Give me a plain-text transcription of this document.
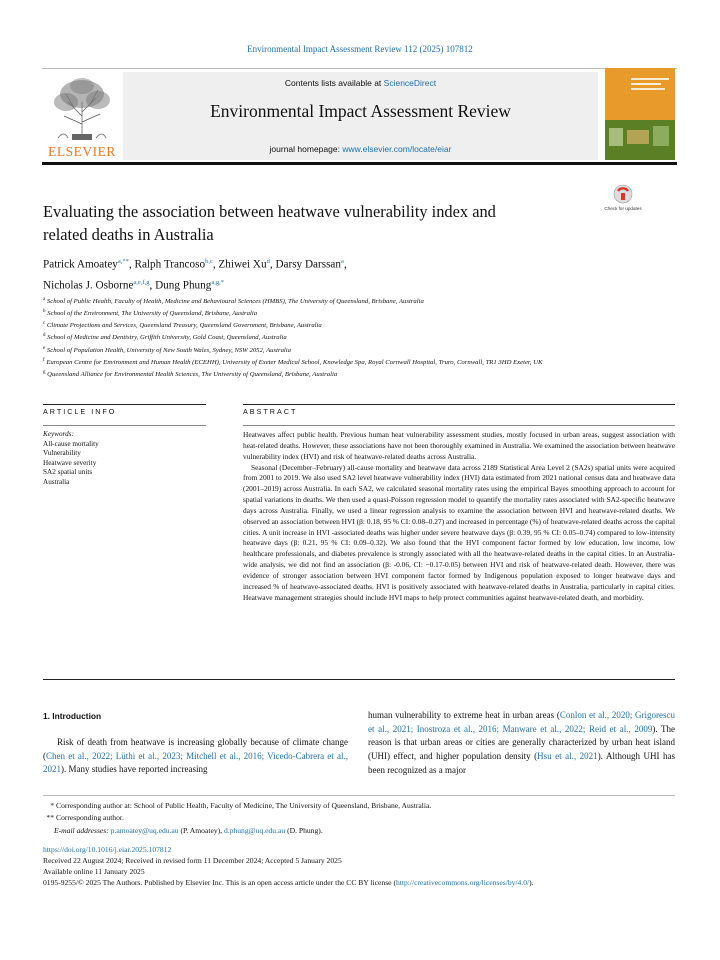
Environmental Impact Assessment Review 112 (2025) 107812
ELSEVIER
Contents lists available at ScienceDirect
Environmental Impact Assessment Review
journal homepage: www.elsevier.com/locate/eiar
Check for updates
Evaluating the association between heatwave vulnerability index and
related deaths in Australia
Patrick Amoatey$^{a,**}$, Ralph Trancoso$^{b,c}$, Zhiwei Xu$^d$, Darsy Darssan$^a$,
Nicholas J. Osborne$^{a,e,f,g}$, Dung Phung$^{a,g,*}$
$^a$ School of Public Health, Faculty of Health, Medicine and Behavioural Sciences (HMBS), The University of Queensland, Brisbane, Australia
$^b$ School of the Environment, The University of Queensland, Brisbane, Australia
$^c$ Climate Projections and Services, Queensland Treasury, Queensland Government, Brisbane, Australia
$^d$ School of Medicine and Dentistry, Griffith University, Gold Coast, Queensland, Australia
$^e$ School of Population Health, University of New South Wales, Sydney, NSW 2052, Australia
$^f$ European Centre for Environment and Human Health (ECEHH), University of Exeter Medical School, Knowledge Spa, Royal Cornwall Hospital, Truro, Cornwall, TR1 3HD Exeter, UK
$^g$ Queensland Alliance for Environmental Health Sciences, The University of Queensland, Brisbane, Australia
ARTICLE INFO	ABSTRACT
Keywords:
All-cause mortality
Vulnerability
Heatwave severity
SA2 spatial units
Australia

Heatwaves affect public health. Previous human heat vulnerability assessment studies, mostly focused in urban areas, suggest association with heat-related deaths. However, these associations have not been thoroughly examined in Australia. We examined the association between heatwave vulnerability index (HVI) and risk of heatwave-related deaths across Australia.

Seasonal (December–February) all-cause mortality and heatwave data across 2189 Statistical Area Level 2 (SA2s) spatial units were acquired from 2001 to 2019. We also used SA2 level heatwave vulnerability index (HVI) data estimated from 2021 national census data and heatwave data (2001–2019) across Australia. In each SA2, we calculated seasonal mortality rates using the empirical Bayes smoothing approach to account for spatial variations in deaths. We then used a quasi-Poisson regression model to quantify the mortality rates associated with SA2-specific heatwave days across Australia. Finally, we used a linear regression analysis to examine the association between HVI and heatwave-related deaths. We observed an association between HVI (β: 0.18, 95 % CI: 0.08–0.27) and increased in percentage (%) of heatwave-related deaths across the capital cities. A unit increase in HVI -associated deaths was higher under severe heatwave days (β: 0.39, 95 % CI: 0.05–0.74) compared to low-intensity heatwave days (β: 0.21, 95 % CI: 0.09–0.32). We also found that the HVI component factor formed by low education, low income, low healthcare professionals, and diabetes prevalence is strongly associated with all the heatwave-related deaths in the capital cities. In an Australia-wide analysis, we did not find an association (β: -0.06, CI: −0.17-0.05) between HVI and risk of heatwave-related death. However, there was evidence of stronger association between HVI component factor formed by Indigenous population exposed to longer heatwave days and increased % of heatwave-associated deaths. HVI is positively associated with heatwave-related deaths in Australia, particularly in capital cities. Heatwave management strategies should include HVI maps to help protect communities against heatwave-related death, and morbidity.

1. Introduction
Risk of death from heatwave is increasing globally because of climate change (Chen et al., 2022; Lüthi et al., 2023; Mitchell et al., 2016; Vicedo-Cabrera et al., 2021). Many studies have reported increasing
human vulnerability to extreme heat in urban areas (Conlon et al., 2020; Grigorescu et al., 2021; Inostroza et al., 2016; Manware et al., 2022; Reid et al., 2009). The reason is that urban areas or cities are generally characterized by urban heat island (UHI) effect, and higher population density (Hsu et al., 2021). Although UHI has been recognized as a major
* Corresponding author at: School of Public Health, Faculty of Medicine, The University of Queensland, Brisbane, Australia.
** Corresponding author.
E-mail addresses: p.amoatey@uq.edu.au (P. Amoatey), d.phung@uq.edu.au (D. Phung).
https://doi.org/10.1016/j.eiar.2025.107812
Received 22 August 2024; Received in revised form 11 December 2024; Accepted 5 January 2025
Available online 11 January 2025
0195-9255/© 2025 The Authors. Published by Elsevier Inc. This is an open access article under the CC BY license (http://creativecommons.org/licenses/by/4.0/).
